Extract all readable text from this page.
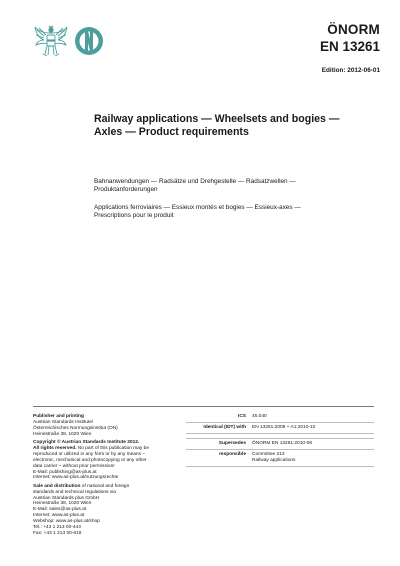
ÖNORM
EN 13261
Edition: 2012-06-01
Railway applications — Wheelsets and bogies — Axles — Product requirements
Bahnanwendungen — Radsätze und Drehgestelle — Radsatzwellen — Produktanforderungen
Applications ferroviaires — Essieux montés et bogies — Essieux-axes — Prescriptions pour le produit
Publisher and printing
Austrian Standards Institute/
Österreichisches Normungsinstitut (ON)
Heinestraße 38, 1020 Wien
Copyright © Austrian Standards Institute 2012.
All rights reserved. No part of this publication may be
reproduced or utilized in any form or by any means –
electronic, mechanical and photocopying or any other
data carrier – without prior permission!
E-Mail: publishing@as-plus.at
Internet: www.as-plus.at/nutzungsrechte
Sale and distribution of national and foreign
standards and technical regulations via
Austrian Standards plus GmbH
Heinestraße 38, 1020 Wien
E-Mail: sales@as-plus.at
Internet: www.as-plus.at
Webshop: www.as-plus.at/shop
Tel.: +43 1 213 00-444
Fax: +43 1 213 00-818
ICS	45.040
Identical (IDT) with	EN 13261:2009 + A1:2010-10
Supersedes	ÖNORM EN 13261:2010-06
responsible	Committee 213
Railway applications
